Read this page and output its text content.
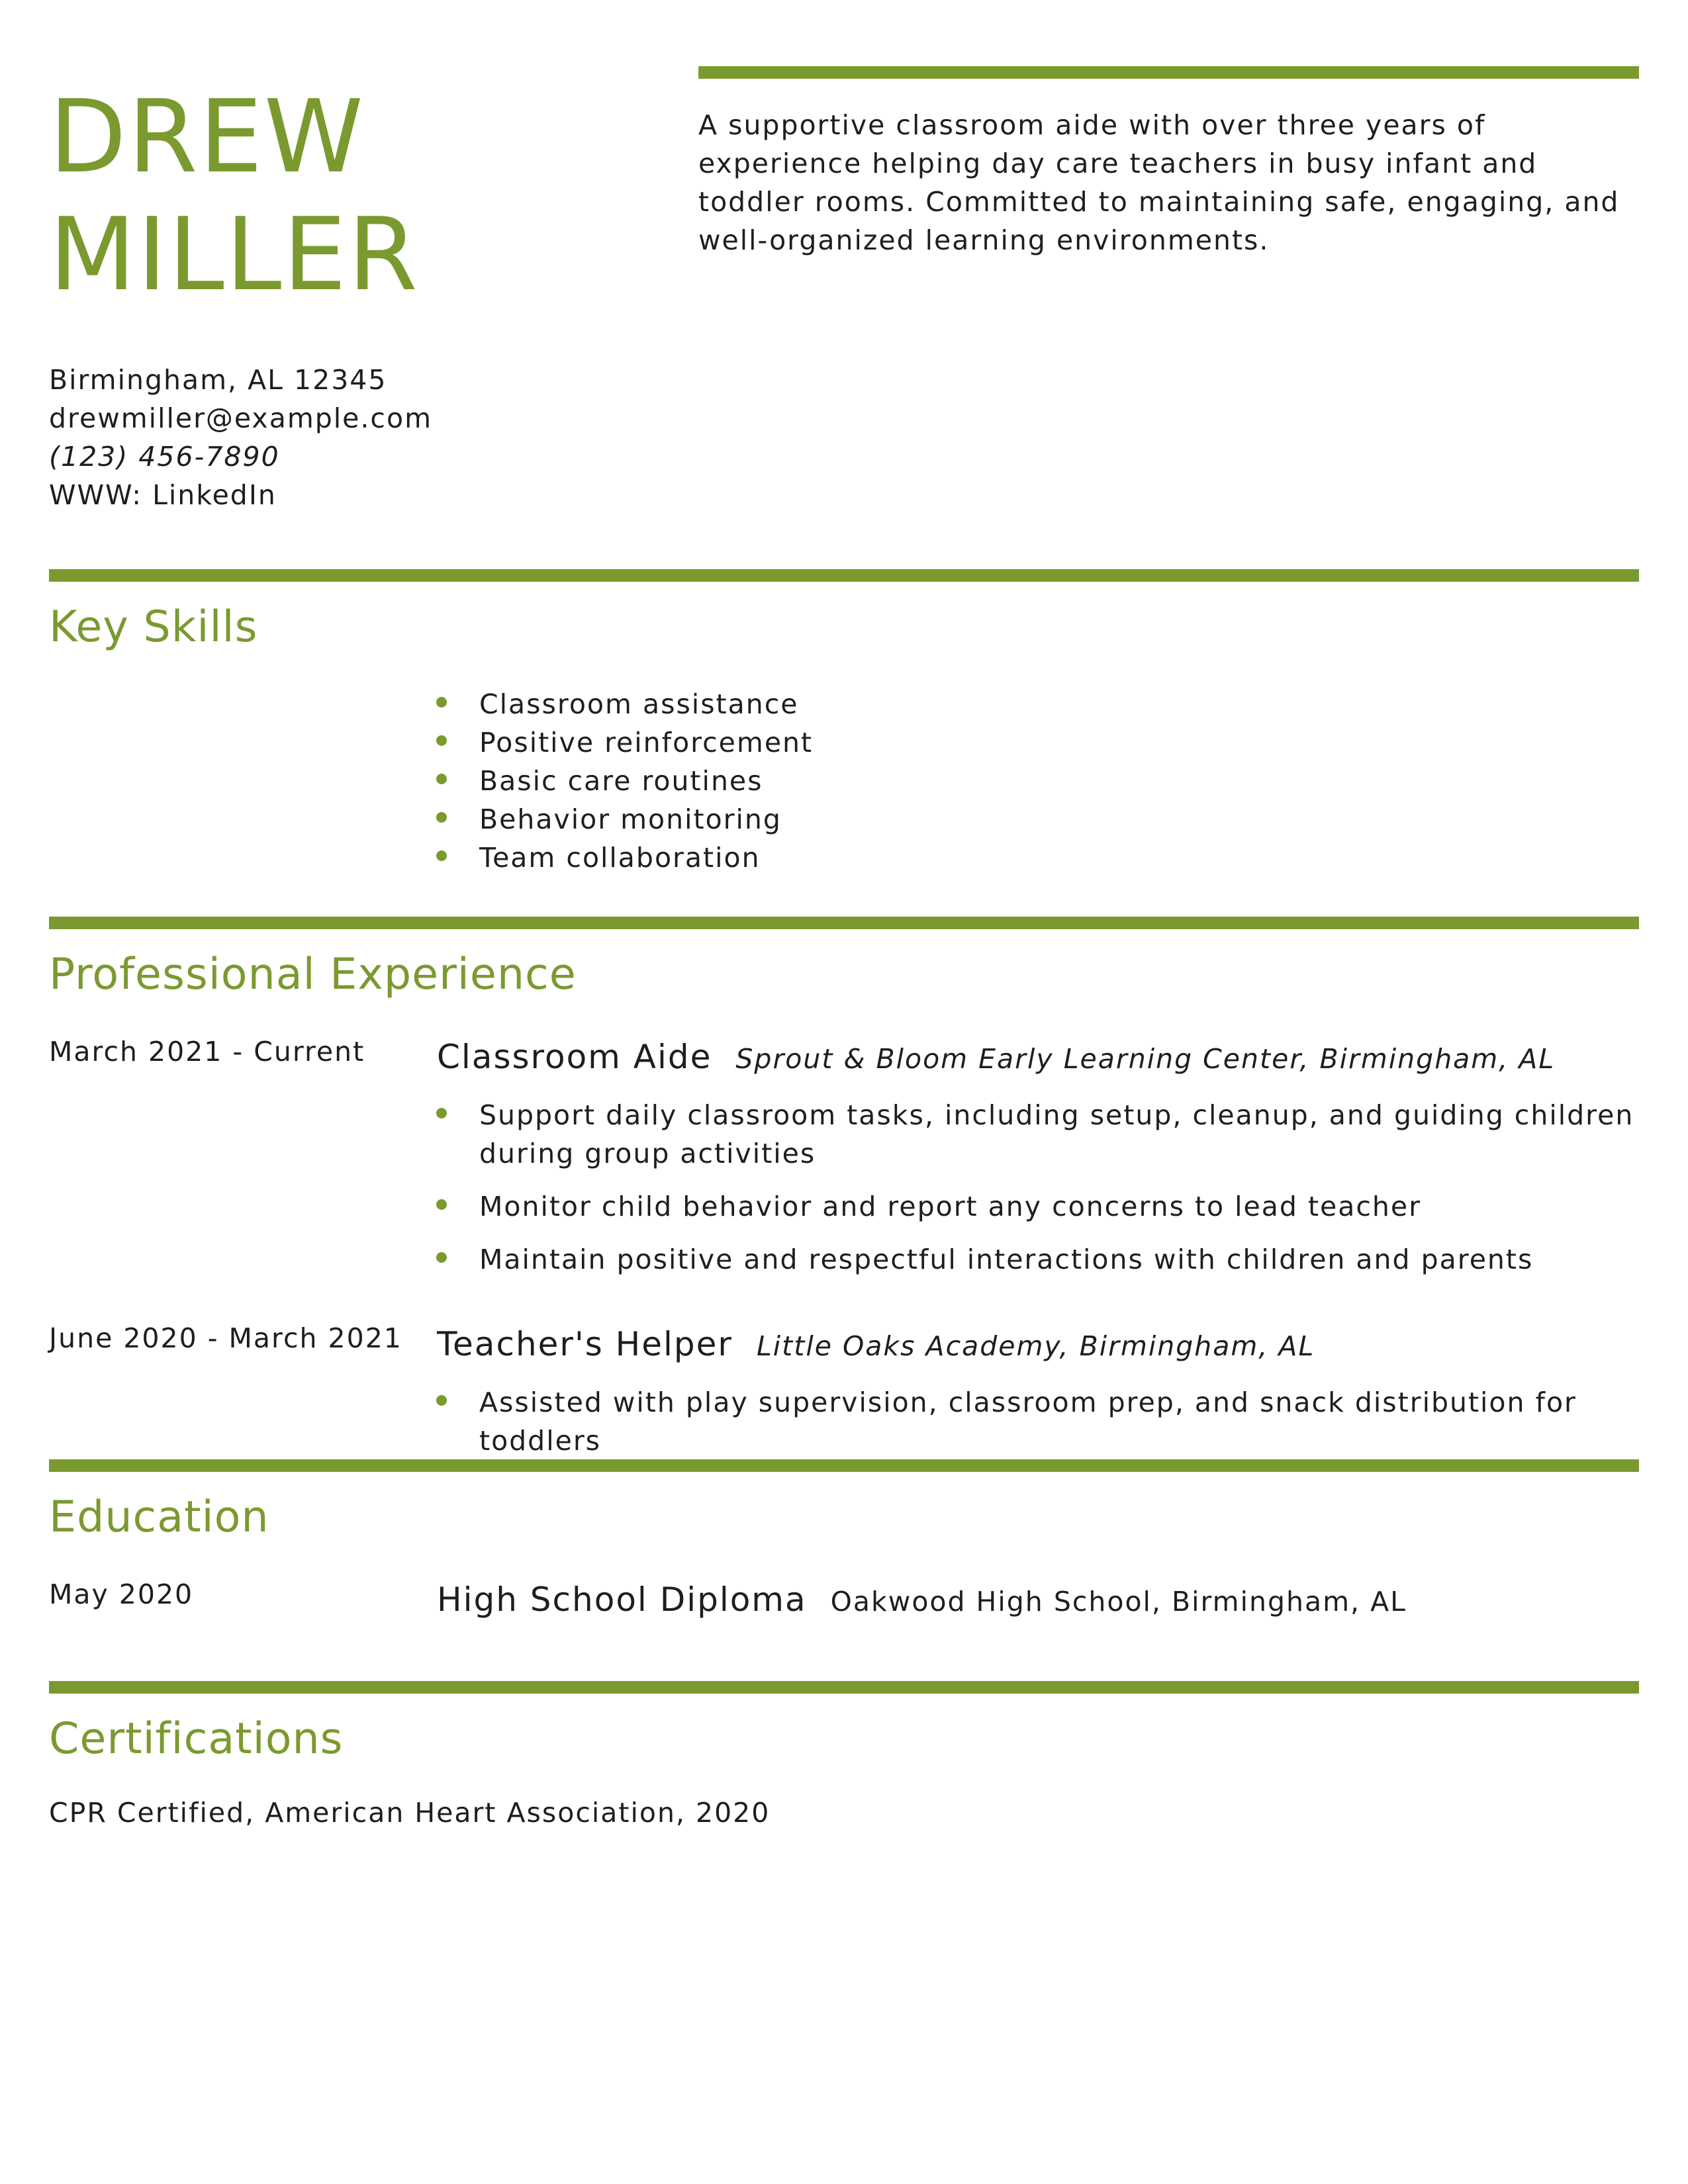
DREW
MILLER
A supportive classroom aide with over three years of experience helping day care teachers in busy infant and toddler rooms. Committed to maintaining safe, engaging, and well-organized learning environments.
Birmingham, AL 12345
drewmiller@example.com
(123) 456-7890
WWW: LinkedIn
Key Skills
Classroom assistance
Positive reinforcement
Basic care routines
Behavior monitoring
Team collaboration
Professional Experience
March 2021 - Current Classroom Aide Sprout & Bloom Early Learning Center, Birmingham, AL
Support daily classroom tasks, including setup, cleanup, and guiding children during group activities
Monitor child behavior and report any concerns to lead teacher
Maintain positive and respectful interactions with children and parents
June 2020 - March 2021 Teacher's Helper Little Oaks Academy, Birmingham, AL
Assisted with play supervision, classroom prep, and snack distribution for toddlers
Education
May 2020	High School Diploma Oakwood High School, Birmingham, AL
Certifications
CPR Certified, American Heart Association, 2020
